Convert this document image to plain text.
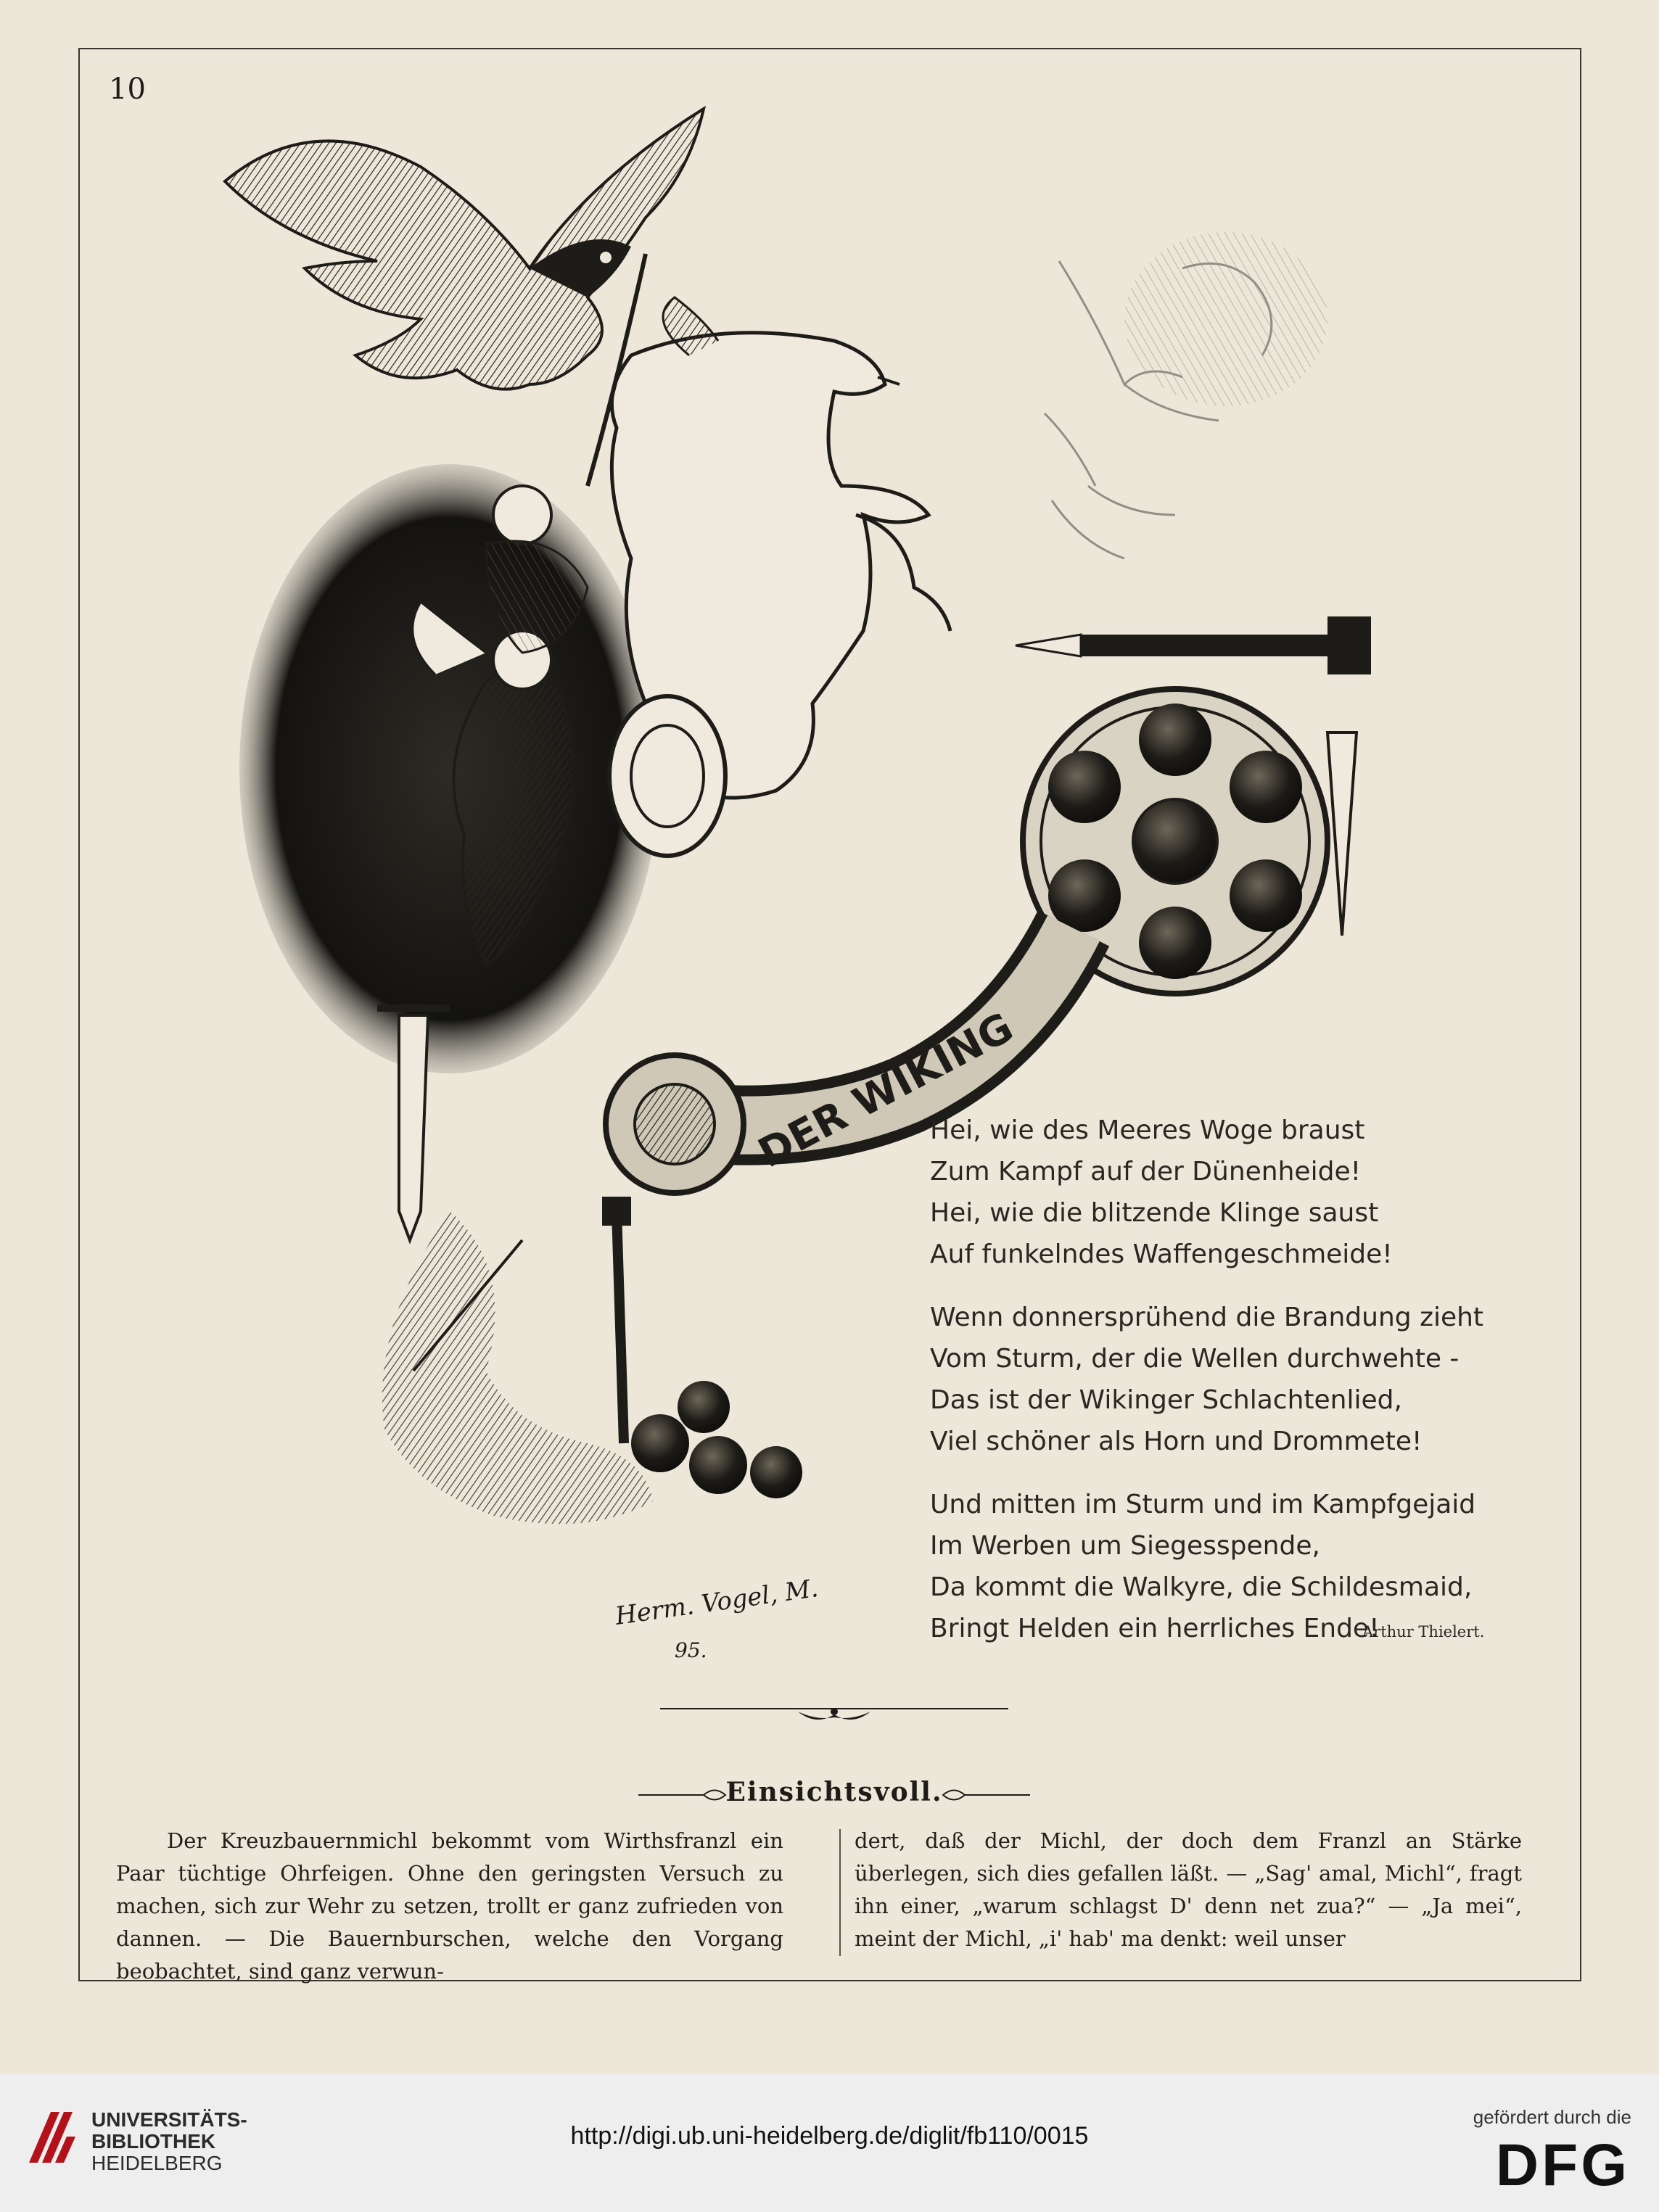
10
DER WIKING
Herm. Vogel, M.
95.
Hei, wie des Meeres Woge braust
Zum Kampf auf der Dünenheide!
Hei, wie die blitzende Klinge saust
Auf funkelndes Waffengeschmeide!
Wenn donnersprühend die Brandung zieht
Vom Sturm, der die Wellen durchwehte -
Das ist der Wikinger Schlachtenlied,
Viel schöner als Horn und Drommete!
Und mitten im Sturm und im Kampfgejaid
Im Werben um Siegesspende,
Da kommt die Walkyre, die Schildesmaid,
Bringt Helden ein herrliches Ende!
Arthur Thielert.
Einsichtsvoll.
Der Kreuzbauernmichl bekommt vom Wirthsfranzl ein Paar tüchtige Ohrfeigen. Ohne den geringsten Versuch zu machen, sich zur Wehr zu setzen, trollt er ganz zufrieden von dannen. — Die Bauernburschen, welche den Vorgang beobachtet, sind ganz verwun-
dert, daß der Michl, der doch dem Franzl an Stärke überlegen, sich dies gefallen läßt. — „Sag' amal, Michl“, fragt ihn einer, „warum schlagst D' denn net zua?“ — „Ja mei“, meint der Michl, „i' hab' ma denkt: weil unser
UNIVERSITÄTS-
BIBLIOTHEK
HEIDELBERG
http://digi.ub.uni-heidelberg.de/diglit/fb110/0015
gefördert durch die
DFG
